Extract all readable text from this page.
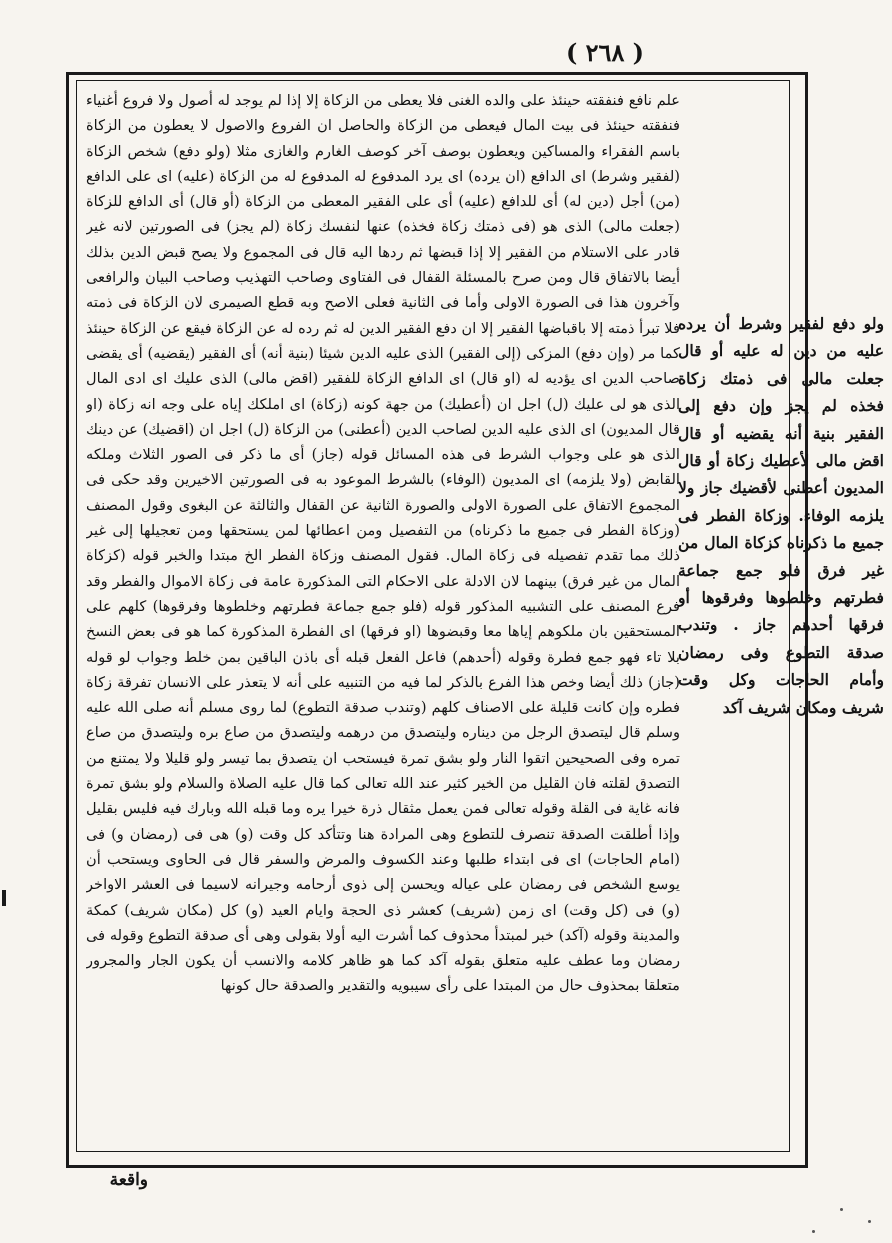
( ٢٦٨ )

علم نافع فنفقته حينئذ على والده الغنى فلا يعطى من الزكاة إلا إذا لم يوجد له أصول ولا فروع أغنياء فنفقته حينئذ فى بيت المال فيعطى من الزكاة والحاصل ان الفروع والاصول لا يعطون من الزكاة باسم الفقراء والمساكين ويعطون بوصف آخر كوصف الغارم والغازى مثلا (ولو دفع) شخص الزكاة (لفقير وشرط) اى الدافع (ان يرده) اى يرد المدفوع له المدفوع له من الزكاة (عليه) اى على الدافع (من) أجل (دين له) أى للدافع (عليه) أى على الفقير المعطى من الزكاة (أو قال) أى الدافع للزكاة (جعلت مالى) الذى هو (فى ذمتك زكاة فخذه) عنها لنفسك زكاة (لم يجز) فى الصورتين لانه غير قادر على الاستلام من الفقير إلا إذا قبضها ثم ردها اليه قال فى المجموع ولا يصح قبض الدين بذلك أيضا بالاتفاق قال ومن صرح بالمسئلة القفال فى الفتاوى وصاحب التهذيب وصاحب البيان والرافعى وآخرون هذا فى الصورة الاولى وأما فى الثانية فعلى الاصح وبه قطع الصيمرى لان الزكاة فى ذمته فلا تبرأ ذمته إلا باقباضها الفقير إلا ان دفع الفقير الدين له ثم رده له عن الزكاة فيقع عن الزكاة حينئذ كما مر (وإن دفع) المزكى (إلى الفقير) الذى عليه الدين شيئا (بنية أنه) أى الفقير (يقضيه) أى يقضى صاحب الدين اى يؤديه له (او قال) اى الدافع الزكاة للفقير (اقض مالى) الذى عليك اى ادى المال الذى هو لى عليك (ل) اجل ان (أعطيك) من جهة كونه (زكاة) اى املكك إياه على وجه انه زكاة (او قال المديون) اى الذى عليه الدين لصاحب الدين (أعطنى) من الزكاة (ل) اجل ان (اقضيك) عن دينك الذى هو على وجواب الشرط فى هذه المسائل قوله (جاز) أى ما ذكر فى الصور الثلاث وملكه القابض (ولا يلزمه) اى المديون (الوفاء) بالشرط الموعود به فى الصورتين الاخيرين وقد حكى فى المجموع الاتفاق على الصورة الاولى والصورة الثانية عن القفال والثالثة عن البغوى وقول المصنف (وزكاة الفطر فى جميع ما ذكرناه) من التفصيل ومن اعطائها لمن يستحقها ومن تعجيلها إلى غير ذلك مما تقدم تفصيله فى زكاة المال. فقول المصنف وزكاة الفطر الخ مبتدا والخبر قوله (كزكاة المال من غير فرق) بينهما لان الادلة على الاحكام التى المذكورة عامة فى زكاة الاموال والفطر وقد فرع المصنف على التشبيه المذكور قوله (فلو جمع جماعة فطرتهم وخلطوها وفرقوها) كلهم على المستحقين بان ملكوهم إياها معا وقبضوها (او فرقها) اى الفطرة المذكورة كما هو فى بعض النسخ بلا تاء فهو جمع فطرة وقوله (أحدهم) فاعل الفعل قبله أى باذن الباقين بمن خلط وجواب لو قوله (جاز) ذلك أيضا وخص هذا الفرع بالذكر لما فيه من التنبيه على أنه لا يتعذر على الانسان تفرقة زكاة فطره وإن كانت قليلة على الاصناف كلهم (وتندب صدقة التطوع) لما روى مسلم أنه صلى الله عليه وسلم قال ليتصدق الرجل من ديناره وليتصدق من درهمه وليتصدق من صاع بره وليتصدق من صاع تمره وفى الصحيحين اتقوا النار ولو بشق تمرة فيستحب ان يتصدق بما تيسر ولو قليلا ولا يمتنع من التصدق لقلته فان القليل من الخير كثير عند الله تعالى كما قال عليه الصلاة والسلام ولو بشق تمرة فانه غاية فى القلة وقوله تعالى فمن يعمل مثقال ذرة خيرا يره وما قبله الله وبارك فيه فليس بقليل وإذا أطلقت الصدقة تنصرف للتطوع وهى المرادة هنا وتتأكد كل وقت (و) هى فى (رمضان و) فى (امام الحاجات) اى فى ابتداء طلبها وعند الكسوف والمرض والسفر قال فى الحاوى ويستحب أن يوسع الشخص فى رمضان على عياله ويحسن إلى ذوى أرحامه وجيرانه لاسيما فى العشر الاواخر (و) فى (كل وقت) اى زمن (شريف) كعشر ذى الحجة وايام العيد (و) كل (مكان شريف) كمكة والمدينة وقوله (آكد) خبر لمبتدأ محذوف كما أشرت اليه أولا بقولى وهى أى صدقة التطوع وقوله فى رمضان وما عطف عليه متعلق بقوله آكد كما هو ظاهر كلامه والانسب أن يكون الجار والمجرور متعلقا بمحذوف حال من المبتدا على رأى سيبويه والتقدير والصدقة حال كونها

ولو دفع لفقير وشرط أن يرده عليه من دين له عليه أو قال جعلت مالى فى ذمتك زكاة فخذه لم يجز وإن دفع إلى الفقير بنية أنه يقضيه أو قال اقض مالى لأعطيك زكاة أو قال المديون أعطنى لأقضيك جاز ولا يلزمه الوفاء. وزكاة الفطر فى جميع ما ذكرناه كزكاة المال من غير فرق فلو جمع جماعة فطرتهم وخلطوها وفرقوها أو فرقها أحدهم جاز . وتندب صدقة التطوع وفى رمضان وأمام الحاجات وكل وقت شريف ومكان شريف آكد

واقعة
